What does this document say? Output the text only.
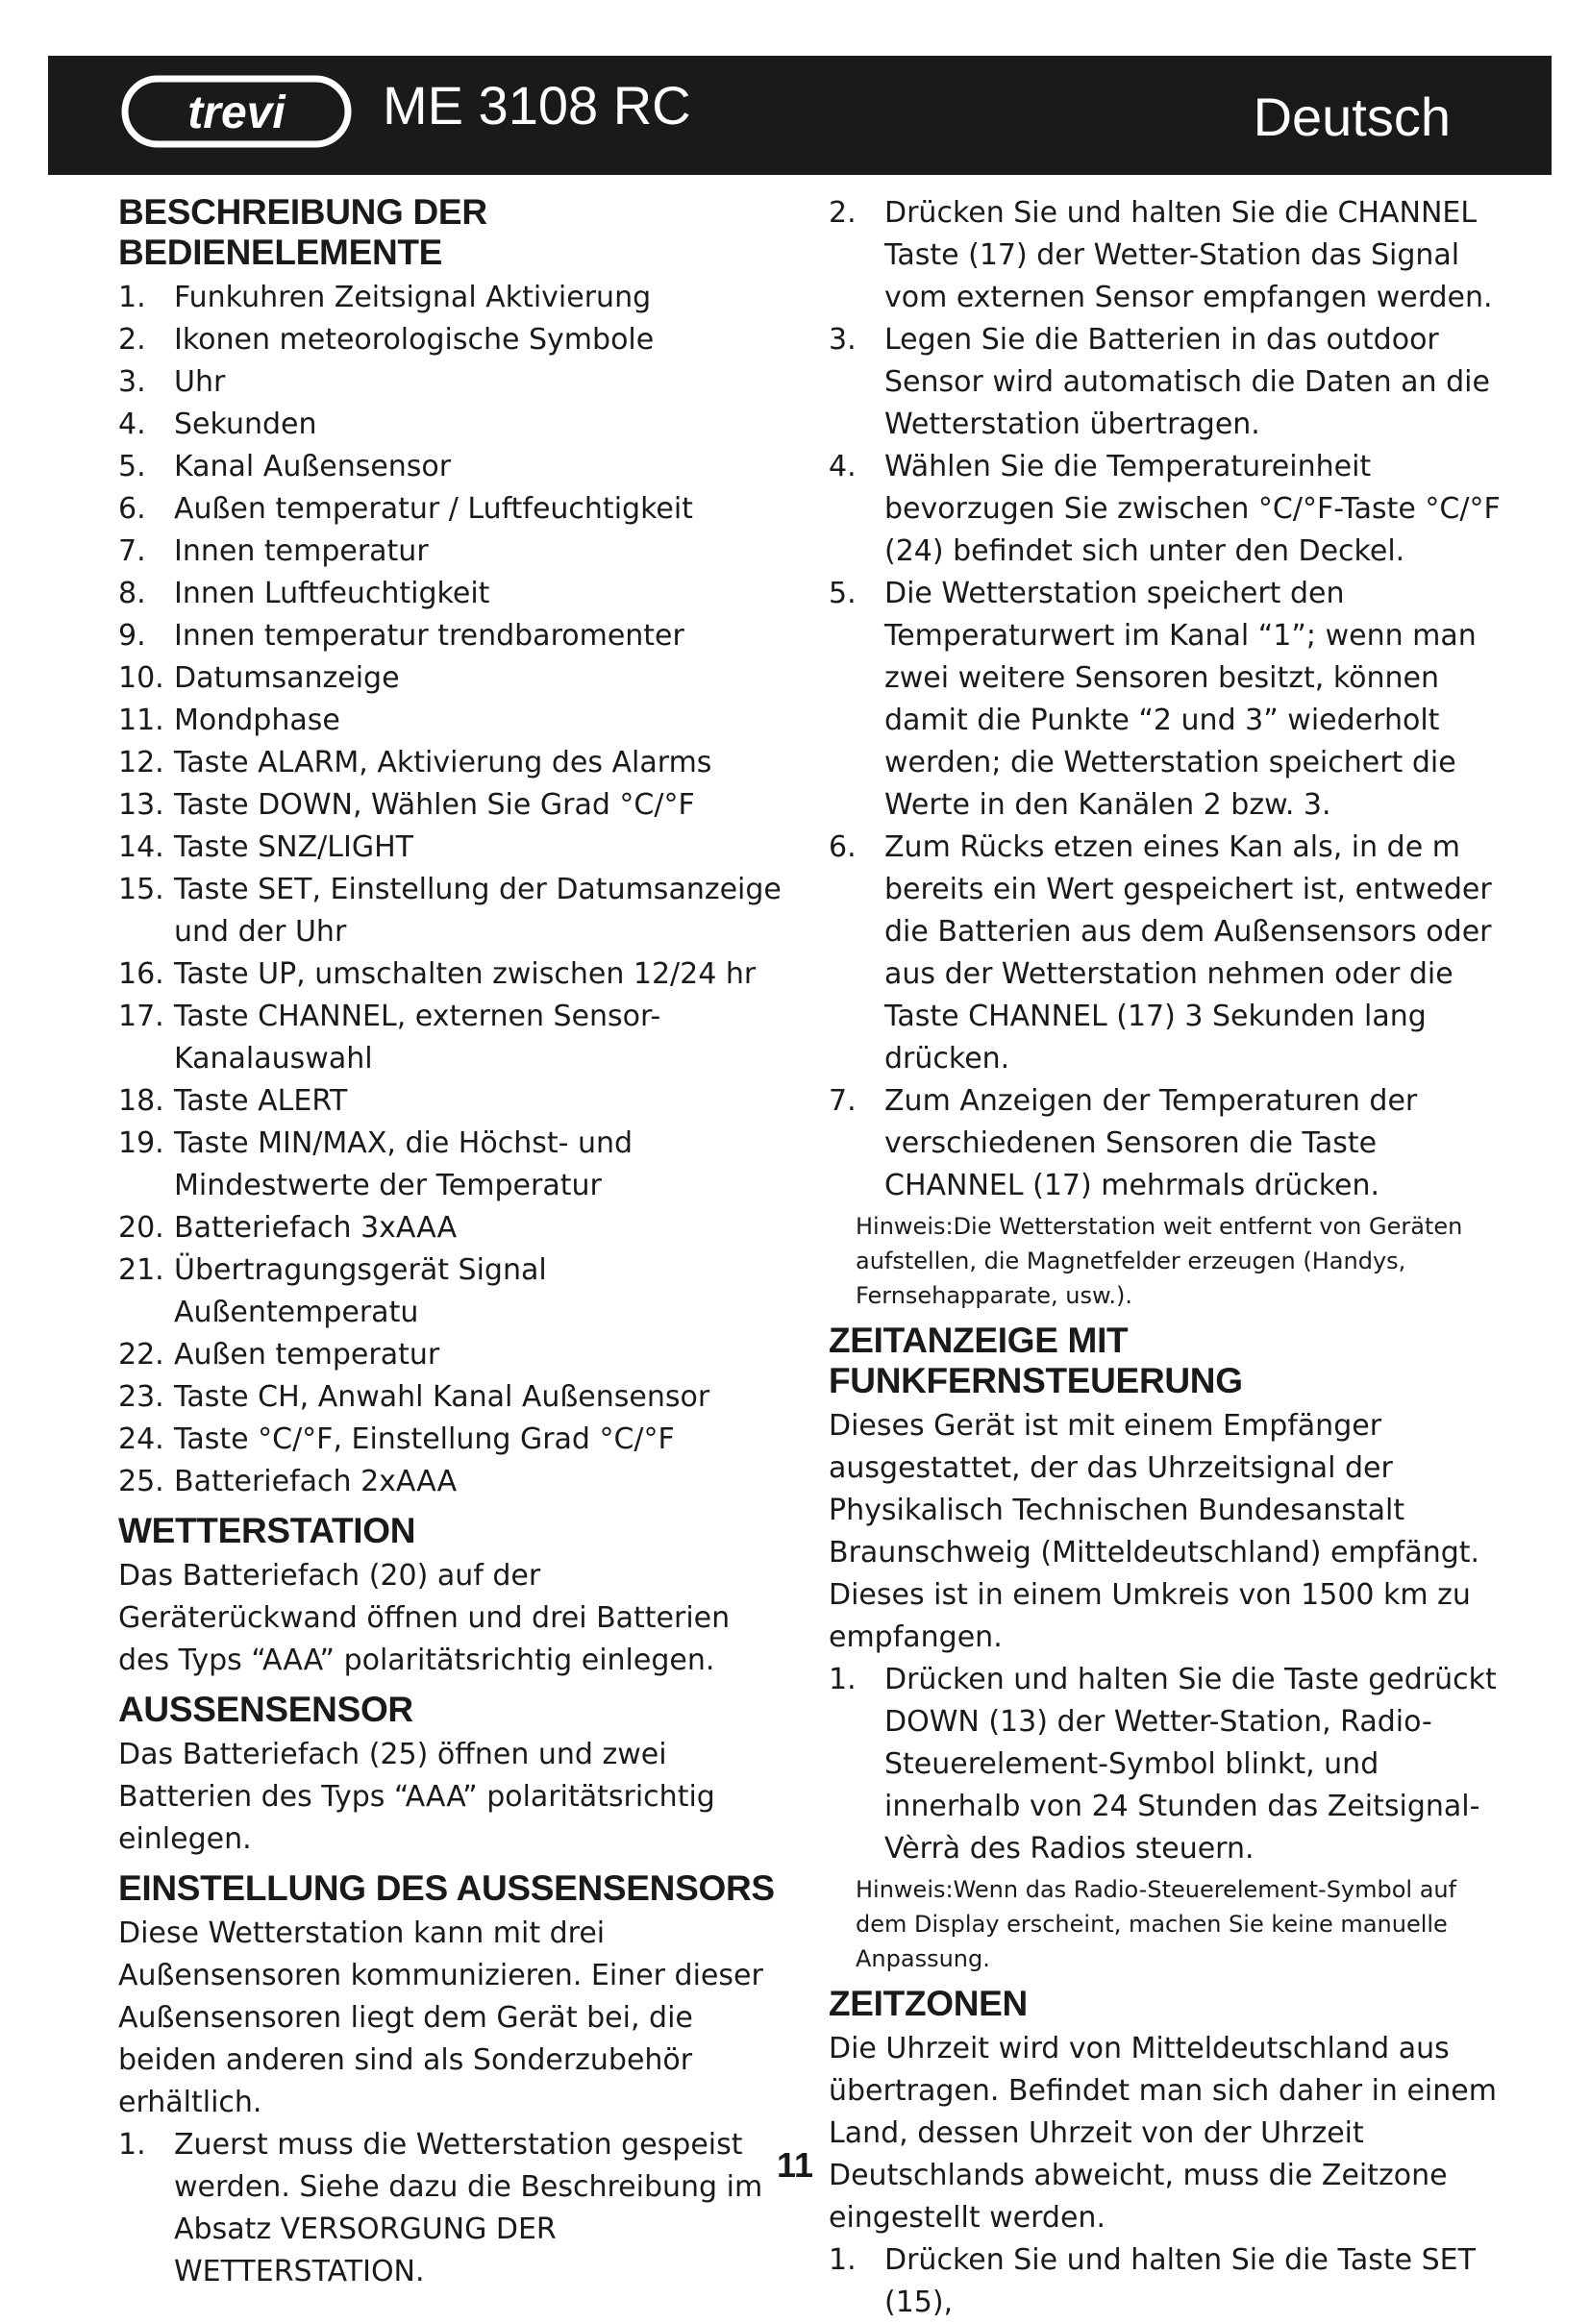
trevi ME 3108 RC	Deutsch
BESCHREIBUNG DER BEDIENELEMENTE
1. Funkuhren Zeitsignal Aktivierung
2. Ikonen meteorologische Symbole
3. Uhr
4. Sekunden
5. Kanal Außensensor
6. Außen temperatur / Luftfeuchtigkeit
7. Innen temperatur
8. Innen Luftfeuchtigkeit
9. Innen temperatur trendbaromenter
10. Datumsanzeige
11. Mondphase
12. Taste ALARM, Aktivierung des Alarms
13. Taste DOWN, Wählen Sie Grad °C/°F
14. Taste SNZ/LIGHT
15. Taste SET, Einstellung der Datumsanzeige und der Uhr
16. Taste UP, umschalten zwischen 12/24 hr
17. Taste CHANNEL, externen Sensor-Kanalauswahl
18. Taste ALERT
19. Taste MIN/MAX, die Höchst- und Mindestwerte der Temperatur
20. Batteriefach 3xAAA
21. Übertragungsgerät Signal Außentemperatu
22. Außen temperatur
23. Taste CH, Anwahl Kanal Außensensor
24. Taste °C/°F, Einstellung Grad °C/°F
25. Batteriefach 2xAAA
WETTERSTATION

Das Batteriefach (20) auf der Geräterückwand öffnen und drei Batterien des Typs “AAA” polaritätsrichtig einlegen.

AUSSENSENSOR

Das Batteriefach (25) öffnen und zwei Batterien des Typs “AAA” polaritätsrichtig einlegen.

EINSTELLUNG DES AUSSENSENSORS

Diese Wetterstation kann mit drei Außensensoren kommunizieren. Einer dieser Außensensoren liegt dem Gerät bei, die beiden anderen sind als Sonderzubehör erhältlich.

1. Zuerst muss die Wetterstation gespeist werden. Siehe dazu die Beschreibung im Absatz VERSORGUNG DER WETTERSTATION.
2. Drücken Sie und halten Sie die CHANNEL Taste (17) der Wetter-Station das Signal vom externen Sensor empfangen werden.
3. Legen Sie die Batterien in das outdoor Sensor wird automatisch die Daten an die Wetterstation übertragen.
4. Wählen Sie die Temperatureinheit bevorzugen Sie zwischen °C/°F-Taste °C/°F (24) befindet sich unter den Deckel.
5. Die Wetterstation speichert den Temperaturwert im Kanal “1”; wenn man zwei weitere Sensoren besitzt, können damit die Punkte “2 und 3” wiederholt werden; die Wetterstation speichert die Werte in den Kanälen 2 bzw. 3.
6. Zum Rücks etzen eines Kan als, in de m bereits ein Wert gespeichert ist, entweder die Batterien aus dem Außensensors oder aus der Wetterstation nehmen oder die Taste CHANNEL (17) 3 Sekunden lang drücken.
7. Zum Anzeigen der Temperaturen der verschiedenen Sensoren die Taste CHANNEL (17) mehrmals drücken.

Hinweis:Die Wetterstation weit entfernt von Geräten aufstellen, die Magnetfelder erzeugen (Handys, Fernsehapparate, usw.).

ZEITANZEIGE MIT FUNKFERNSTEUERUNG

Dieses Gerät ist mit einem Empfänger ausgestattet, der das Uhrzeitsignal der Physikalisch Technischen Bundesanstalt Braunschweig (Mitteldeutschland) empfängt. Dieses ist in einem Umkreis von 1500 km zu empfangen.

1. Drücken und halten Sie die Taste gedrückt DOWN (13) der Wetter-Station, Radio-Steuerelement-Symbol blinkt, und innerhalb von 24 Stunden das Zeitsignal-Vèrrà des Radios steuern.

Hinweis:Wenn das Radio-Steuerelement-Symbol auf dem Display erscheint, machen Sie keine manuelle Anpassung.

ZEITZONEN

Die Uhrzeit wird von Mitteldeutschland aus übertragen. Befindet man sich daher in einem Land, dessen Uhrzeit von der Uhrzeit Deutschlands abweicht, muss die Zeitzone eingestellt werden.

1. Drücken Sie und halten Sie die Taste SET (15),
11
